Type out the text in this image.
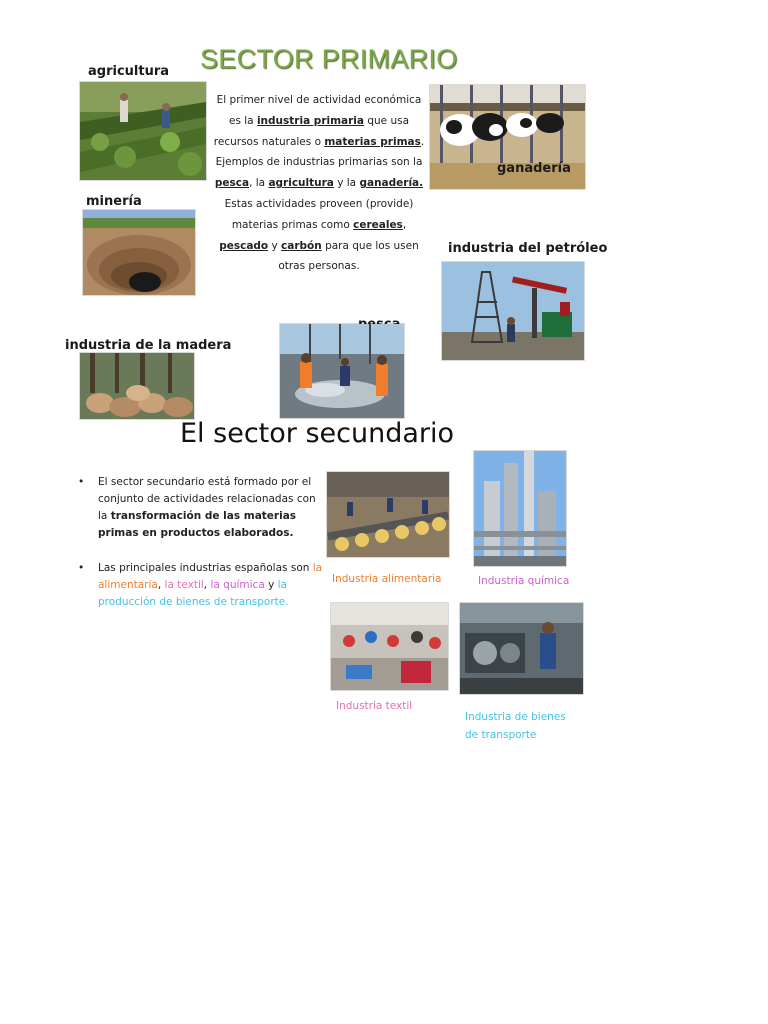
SECTOR PRIMARIO
agricultura
minería
El primer nivel de actividad económica es la industria primaria que usa recursos naturales o materias primas. Ejemplos de industrias primarias son la pesca, la agricultura y la ganadería. Estas actividades proveen (provide) materias primas como cereales, pescado y carbón para que los usen otras personas.
ganadería
industria del petróleo
industria de la madera
El sector secundario
• El sector secundario está formado por el conjunto de actividades relacionadas con la transformación de las materias primas en productos elaborados.
• Las principales industrias españolas son la alimentaria, la textil, la química y la producción de bienes de transporte.
Industria alimentaria	Industria química
Industria textil
Industria de bienes
de transporte
